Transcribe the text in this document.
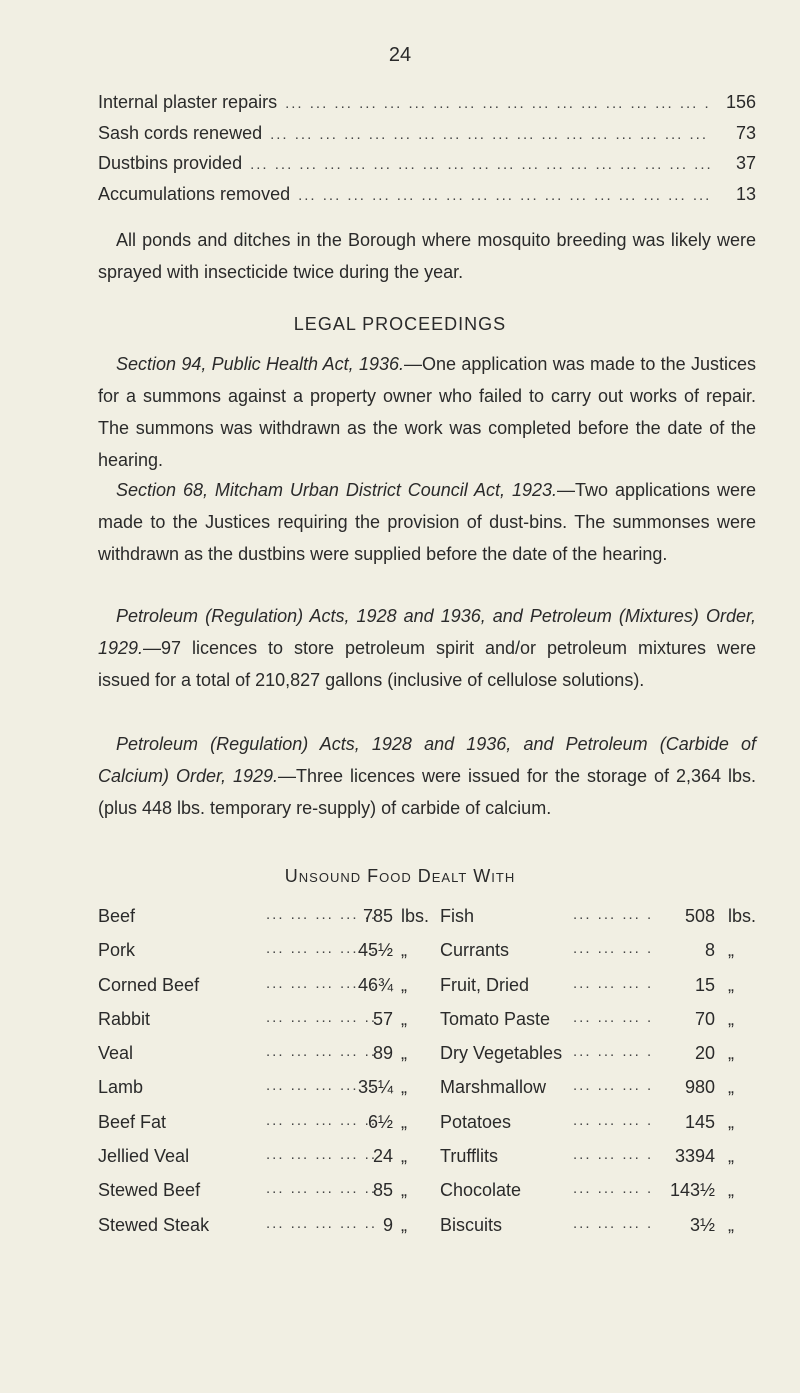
24
Internal plaster repairs ... .	156
Sash cords renewed ... .	73
Dustbins provided ... .	37
Accumulations removed ... .	13

All ponds and ditches in the Borough where mosquito breeding was likely were sprayed with insecticide twice during the year.

LEGAL PROCEEDINGS

Section 94, Public Health Act, 1936.—One application was made to the Justices for a summons against a property owner who failed to carry out works of repair. The summons was withdrawn as the work was completed before the date of the hearing.

Section 68, Mitcham Urban District Council Act, 1923.—Two applications were made to the Justices requiring the provision of dust-bins. The summonses were withdrawn as the dustbins were supplied before the date of the hearing.

Petroleum (Regulation) Acts, 1928 and 1936, and Petroleum (Mixtures) Order, 1929.—97 licences to store petroleum spirit and/or petroleum mixtures were issued for a total of 210,827 gallons (inclusive of cellulose solutions).

Petroleum (Regulation) Acts, 1928 and 1936, and Petroleum (Carbide of Calcium) Order, 1929.—Three licences were issued for the storage of 2,364 lbs. (plus 448 lbs. temporary re-supply) of carbide of calcium.

Unsound Food Dealt With
Beef ... .	785 lbs. Fish ... .	508 lbs.
Pork ... .	45½ „ Currants ... .	8 „
Corned Beef ... .	46¾ „ Fruit, Dried ... .	15 „
Rabbit ... .	57 „ Tomato Paste ... .	70 „
Veal ... .	89 „ Dry Vegetables ... .	20 „
Lamb ... .	35¼ „ Marshmallow ... .	980 „
Beef Fat ... .	6½ „ Potatoes ... .	145 „
Jellied Veal ... .	24 „ Trufflits ... .	3394 „
Stewed Beef ... .	85 „ Chocolate ... .	143½ „
Stewed Steak ... .	9 „ Biscuits ... .	3½ „
